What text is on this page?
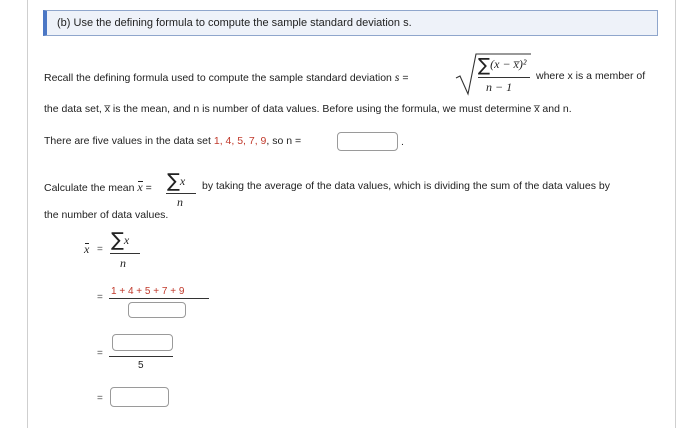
(b) Use the defining formula to compute the sample standard deviation s.
Recall the defining formula used to compute the sample standard deviation s =
∑(x − x̅)²
n − 1
where x is a member of
the data set, x̅ is the mean, and n is number of data values. Before using the formula, we must determine x̅ and n.
There are five values in the data set 1, 4, 5, 7, 9, so n =	.
Calculate the mean x = ∑x
n
by taking the average of the data values, which is dividing the sum of the data values by
the number of data values.
x = ∑x
n
=
1 + 4 + 5 + 7 + 9
=
5
=
